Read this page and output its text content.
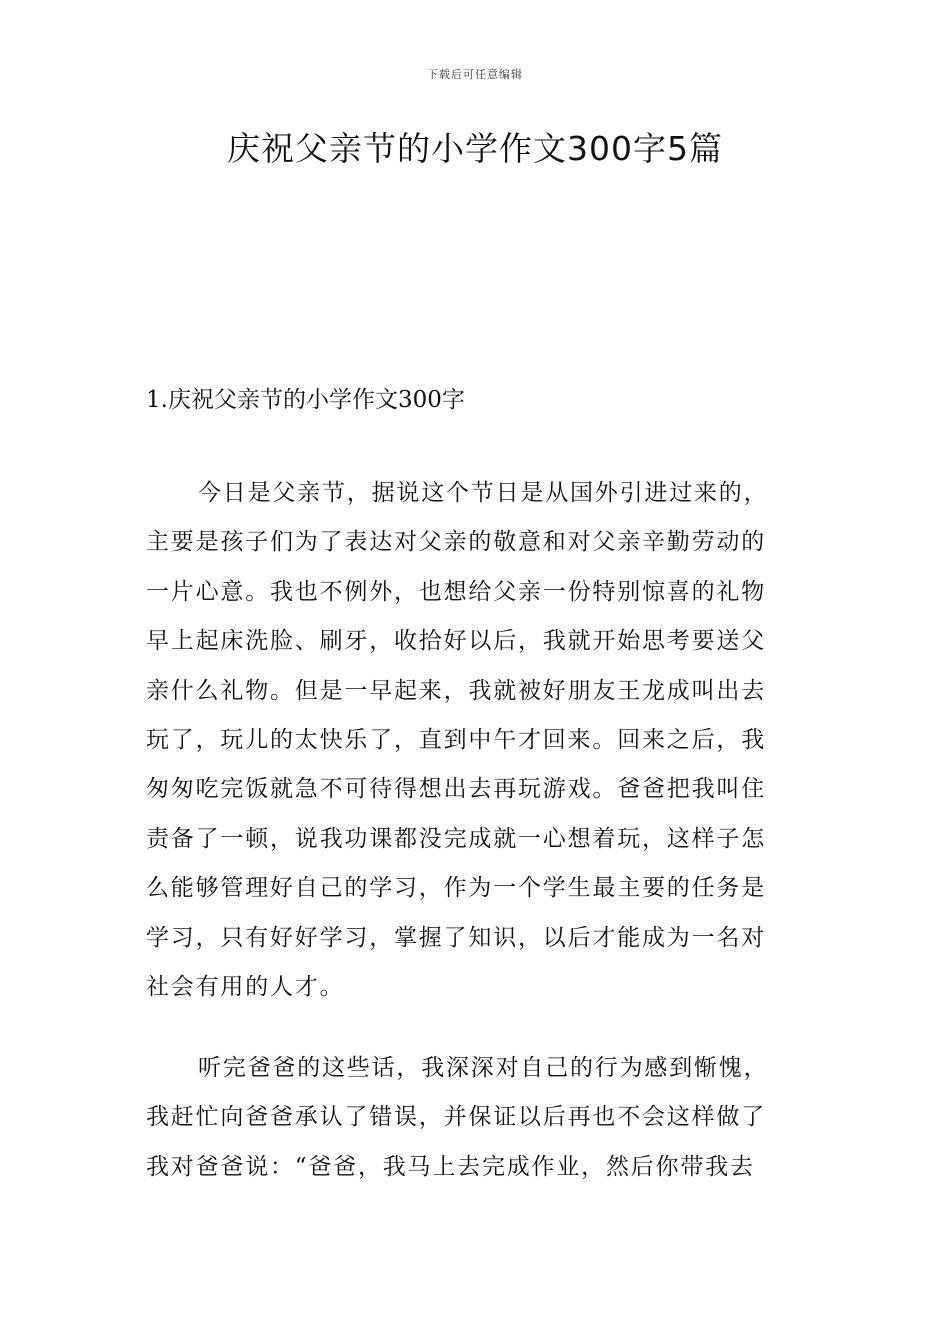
下载后可任意编辑
庆祝父亲节的小学作文300字5篇
1.庆祝父亲节的小学作文300字
今日是父亲节，据说这个节日是从国外引进过来的，
主要是孩子们为了表达对父亲的敬意和对父亲辛勤劳动的
一片心意。我也不例外，也想给父亲一份特别惊喜的礼物
早上起床洗脸、刷牙，收拾好以后，我就开始思考要送父
亲什么礼物。但是一早起来，我就被好朋友王龙成叫出去
玩了，玩儿的太快乐了，直到中午才回来。回来之后，我
匆匆吃完饭就急不可待得想出去再玩游戏。爸爸把我叫住
责备了一顿，说我功课都没完成就一心想着玩，这样子怎
么能够管理好自己的学习，作为一个学生最主要的任务是
学习，只有好好学习，掌握了知识，以后才能成为一名对
社会有用的人才。
听完爸爸的这些话，我深深对自己的行为感到惭愧，
我赶忙向爸爸承认了错误，并保证以后再也不会这样做了
我对爸爸说：“爸爸，我马上去完成作业，然后你带我去
